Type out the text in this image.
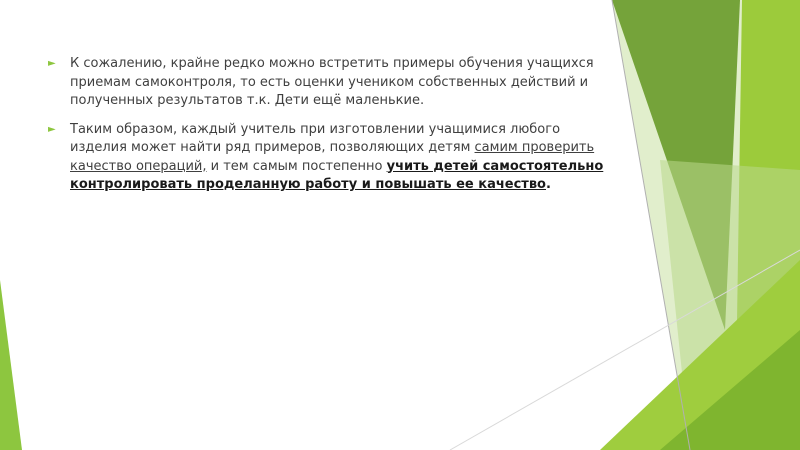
► К сожалению, крайне редко можно встретить примеры обучения учащихся приемам самоконтроля, то есть оценки учеником собственных действий и полученных результатов т.к. Дети ещё маленькие.

► Таким образом, каждый учитель при изготовлении учащимися любого изделия может найти ряд примеров, позволяющих детям самим проверить качество операций, и тем самым постепенно учить детей самостоятельно контролировать проделанную работу и повышать ее качество.
